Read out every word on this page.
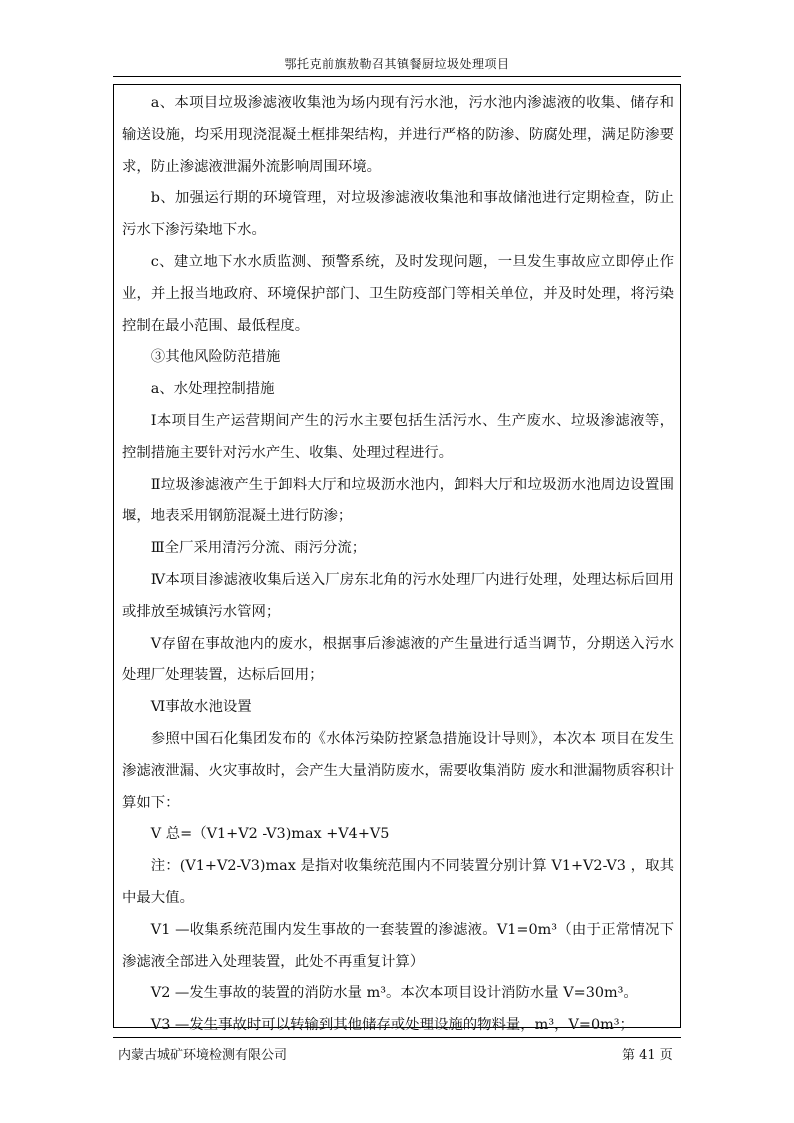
鄂托克前旗敖勒召其镇餐厨垃圾处理项目

a、本项目垃圾渗滤液收集池为场内现有污水池，污水池内渗滤液的收集、储存和输送设施，均采用现浇混凝土框排架结构，并进行严格的防渗、防腐处理，满足防渗要求，防止渗滤液泄漏外流影响周围环境。

b、加强运行期的环境管理，对垃圾渗滤液收集池和事故储池进行定期检查，防止污水下渗污染地下水。

c、建立地下水水质监测、预警系统，及时发现问题，一旦发生事故应立即停止作业，并上报当地政府、环境保护部门、卫生防疫部门等相关单位，并及时处理，将污染控制在最小范围、最低程度。

③其他风险防范措施

a、水处理控制措施

Ⅰ本项目生产运营期间产生的污水主要包括生活污水、生产废水、垃圾渗滤液等，控制措施主要针对污水产生、收集、处理过程进行。

Ⅱ垃圾渗滤液产生于卸料大厅和垃圾沥水池内，卸料大厅和垃圾沥水池周边设置围堰，地表采用钢筋混凝土进行防渗；

Ⅲ全厂采用清污分流、雨污分流；

Ⅳ本项目渗滤液收集后送入厂房东北角的污水处理厂内进行处理，处理达标后回用或排放至城镇污水管网；

Ⅴ存留在事故池内的废水，根据事后渗滤液的产生量进行适当调节，分期送入污水处理厂处理装置，达标后回用；

Ⅵ事故水池设置

参照中国石化集团发布的《水体污染防控紧急措施设计导则》，本次本 项目在发生渗滤液泄漏、火灾事故时，会产生大量消防废水，需要收集消防 废水和泄漏物质容积计算如下：

V 总=（V1+V2 -V3)max +V4+V5

注：(V1+V2-V3)max 是指对收集统范围内不同装置分别计算 V1+V2-V3 ，取其中最大值。

V1 —收集系统范围内发生事故的一套装置的渗滤液。V1=0m³（由于正常情况下渗滤液全部进入处理装置，此处不再重复计算）

V2 —发生事故的装置的消防水量 m³。本次本项目设计消防水量 V=30m³。

V3 —发生事故时可以转输到其他储存或处理设施的物料量，m³，V=0m³；

内蒙古城矿环境检测有限公司	第 41 页
